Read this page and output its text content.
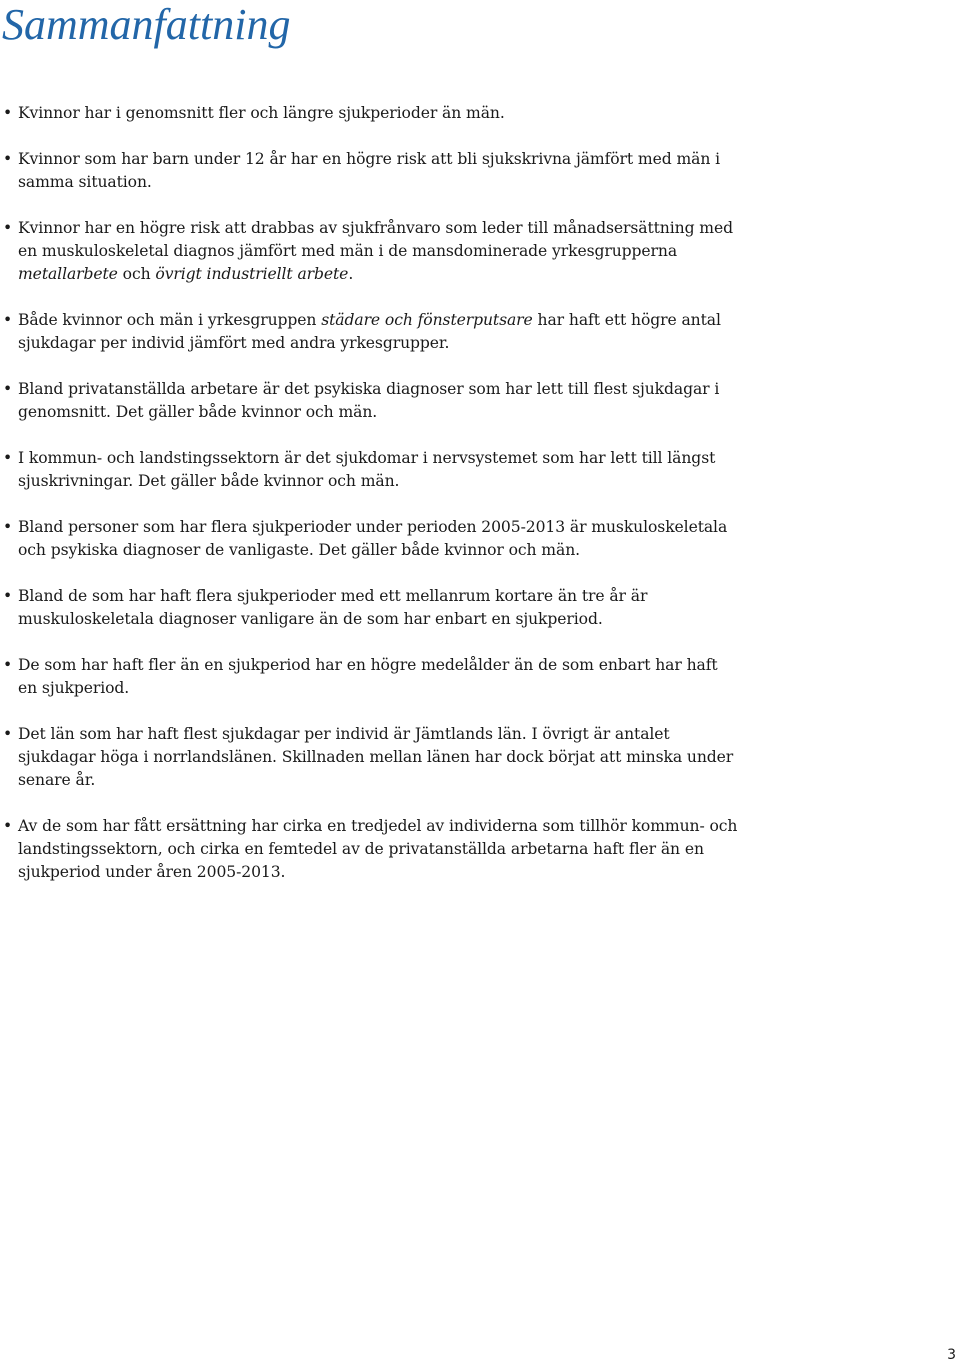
Sammanfattning
• Kvinnor har i genomsnitt fler och längre sjukperioder än män.
• Kvinnor som har barn under 12 år har en högre risk att bli sjukskrivna jämfört med män i samma situation.
• Kvinnor har en högre risk att drabbas av sjukfrånvaro som leder till månadsersättning med en muskuloskeletal diagnos jämfört med män i de mansdominerade yrkesgrupperna metallarbete och övrigt industriellt arbete.
• Både kvinnor och män i yrkesgruppen städare och fönsterputsare har haft ett högre antal sjukdagar per individ jämfört med andra yrkesgrupper.
• Bland privatanställda arbetare är det psykiska diagnoser som har lett till flest sjukdagar i genomsnitt. Det gäller både kvinnor och män.
• I kommun- och landstingssektorn är det sjukdomar i nervsystemet som har lett till längst sjuskrivningar. Det gäller både kvinnor och män.
• Bland personer som har flera sjukperioder under perioden 2005-2013 är muskuloskeletala och psykiska diagnoser de vanligaste. Det gäller både kvinnor och män.
• Bland de som har haft flera sjukperioder med ett mellanrum kortare än tre år är muskuloskeletala diagnoser vanligare än de som har enbart en sjukperiod.
• De som har haft fler än en sjukperiod har en högre medelålder än de som enbart har haft en sjukperiod.
• Det län som har haft flest sjukdagar per individ är Jämtlands län. I övrigt är antalet sjukdagar höga i norrlandslänen. Skillnaden mellan länen har dock börjat att minska under senare år.
• Av de som har fått ersättning har cirka en tredjedel av individerna som tillhör kommun- och landstingssektorn, och cirka en femtedel av de privatanställda arbetarna haft fler än en sjukperiod under åren 2005-2013.
3
